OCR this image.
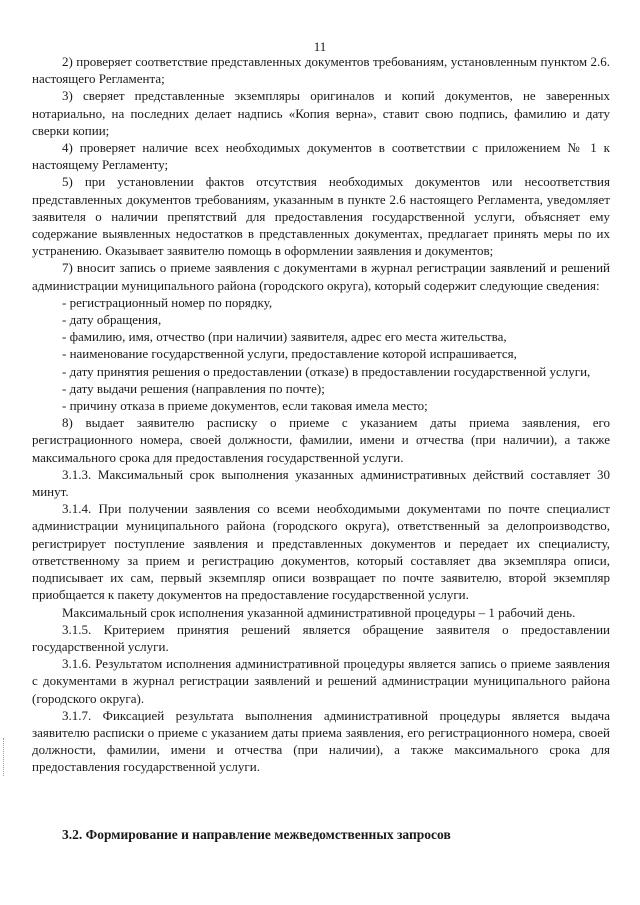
11

2) проверяет соответствие представленных документов требованиям, установленным пунктом 2.6. настоящего Регламента;

3) сверяет представленные экземпляры оригиналов и копий документов, не заверенных нотариально, на последних делает надпись «Копия верна», ставит свою подпись, фамилию и дату сверки копии;

4) проверяет наличие всех необходимых документов в соответствии с приложением № 1 к настоящему Регламенту;

5) при установлении фактов отсутствия необходимых документов или несоответствия представленных документов требованиям, указанным в пункте 2.6 настоящего Регламента, уведомляет заявителя о наличии препятствий для предоставления государственной услуги, объясняет ему содержание выявленных недостатков в представленных документах, предлагает принять меры по их устранению. Оказывает заявителю помощь в оформлении заявления и документов;

7) вносит запись о приеме заявления с документами в журнал регистрации заявлений и решений администрации муниципального района (городского округа), который содержит следующие сведения:

- регистрационный номер по порядку,

- дату обращения,

- фамилию, имя, отчество (при наличии) заявителя, адрес его места жительства,

- наименование государственной услуги, предоставление которой испрашивается,

- дату принятия решения о предоставлении (отказе) в предоставлении государственной услуги,

- дату выдачи решения (направления по почте);

- причину отказа в приеме документов, если таковая имела место;

8) выдает заявителю расписку о приеме с указанием даты приема заявления, его регистрационного номера, своей должности, фамилии, имени и отчества (при наличии), а также максимального срока для предоставления государственной услуги.

3.1.3. Максимальный срок выполнения указанных административных действий составляет 30 минут.

3.1.4. При получении заявления со всеми необходимыми документами по почте специалист администрации муниципального района (городского округа), ответственный за делопроизводство, регистрирует поступление заявления и представленных документов и передает их специалисту, ответственному за прием и регистрацию документов, который составляет два экземпляра описи, подписывает их сам, первый экземпляр описи возвращает по почте заявителю, второй экземпляр приобщается к пакету документов на предоставление государственной услуги.

Максимальный срок исполнения указанной административной процедуры – 1 рабочий день.

3.1.5. Критерием принятия решений является обращение заявителя о предоставлении государственной услуги.

3.1.6. Результатом исполнения административной процедуры является запись о приеме заявления с документами в журнал регистрации заявлений и решений администрации муниципального района (городского округа).

3.1.7. Фиксацией результата выполнения административной процедуры является выдача заявителю расписки о приеме с указанием даты приема заявления, его регистрационного номера, своей должности, фамилии, имени и отчества (при наличии), а также максимального срока для предоставления государственной услуги.

3.2. Формирование и направление межведомственных запросов
